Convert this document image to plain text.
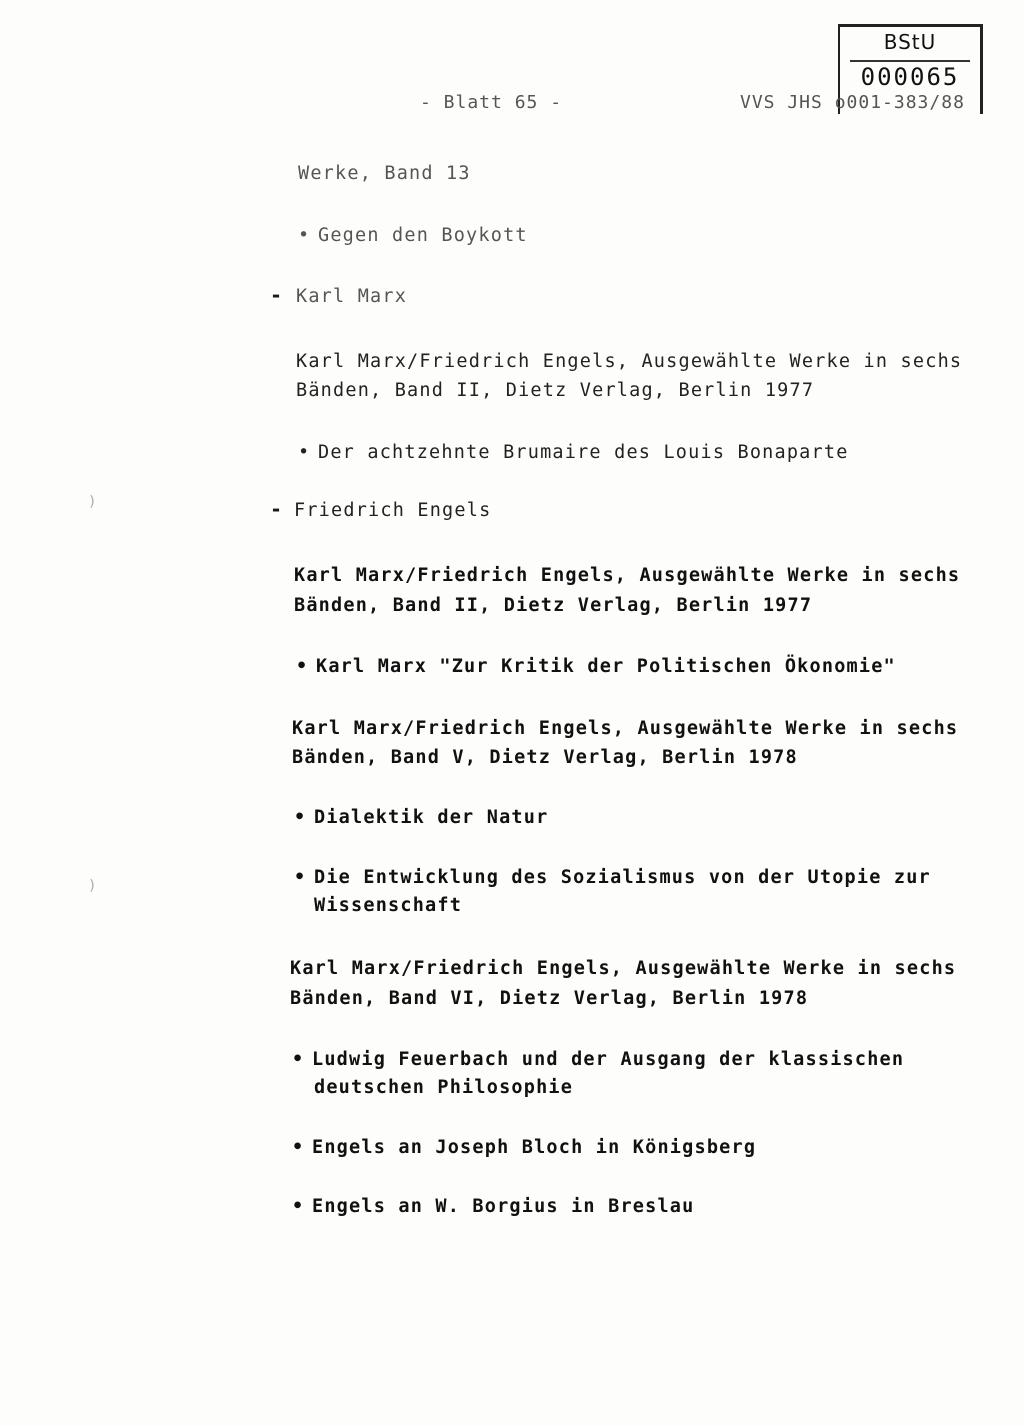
BStU
000065
- Blatt 65 -	VVS JHS o001-383/88
Werke, Band 13
• Gegen den Boykott
- Karl Marx
Karl Marx/Friedrich Engels, Ausgewählte Werke in sechs
Bänden, Band II, Dietz Verlag, Berlin 1977
• Der achtzehnte Brumaire des Louis Bonaparte
)	- Friedrich Engels
Karl Marx/Friedrich Engels, Ausgewählte Werke in sechs
Bänden, Band II, Dietz Verlag, Berlin 1977
• Karl Marx "Zur Kritik der Politischen Ökonomie"
Karl Marx/Friedrich Engels, Ausgewählte Werke in sechs
Bänden, Band V, Dietz Verlag, Berlin 1978
• Dialektik der Natur
)
•	Die Entwicklung des Sozialismus von der Utopie zur
Wissenschaft
Karl Marx/Friedrich Engels, Ausgewählte Werke in sechs
Bänden, Band VI, Dietz Verlag, Berlin 1978
• Ludwig Feuerbach und der Ausgang der klassischen
deutschen Philosophie
• Engels an Joseph Bloch in Königsberg
• Engels an W. Borgius in Breslau
